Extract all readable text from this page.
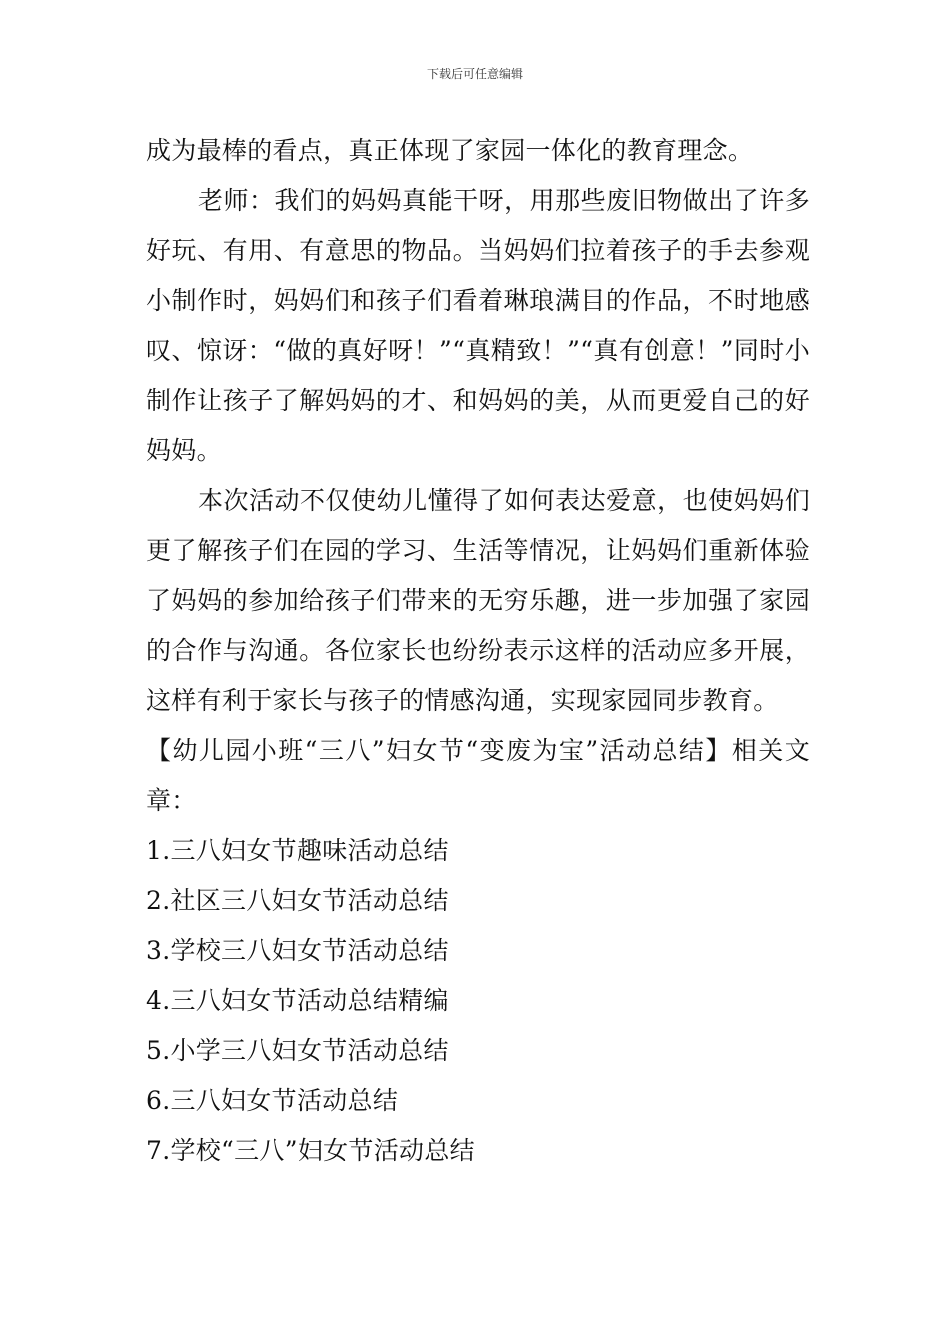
下载后可任意编辑

成为最棒的看点，真正体现了家园一体化的教育理念。

老师：我们的妈妈真能干呀，用那些废旧物做出了许多好玩、有用、有意思的物品。当妈妈们拉着孩子的手去参观小制作时，妈妈们和孩子们看着琳琅满目的作品，不时地感叹、惊讶：“做的真好呀！”“真精致！”“真有创意！”同时小制作让孩子了解妈妈的才、和妈妈的美，从而更爱自己的好妈妈。

本次活动不仅使幼儿懂得了如何表达爱意，也使妈妈们更了解孩子们在园的学习、生活等情况，让妈妈们重新体验了妈妈的参加给孩子们带来的无穷乐趣，进一步加强了家园的合作与沟通。各位家长也纷纷表示这样的活动应多开展，这样有利于家长与孩子的情感沟通，实现家园同步教育。

【幼儿园小班“三八”妇女节“变废为宝”活动总结】相关文章：

1.三八妇女节趣味活动总结
2.社区三八妇女节活动总结
3.学校三八妇女节活动总结
4.三八妇女节活动总结精编
5.小学三八妇女节活动总结
6.三八妇女节活动总结
7.学校“三八”妇女节活动总结
